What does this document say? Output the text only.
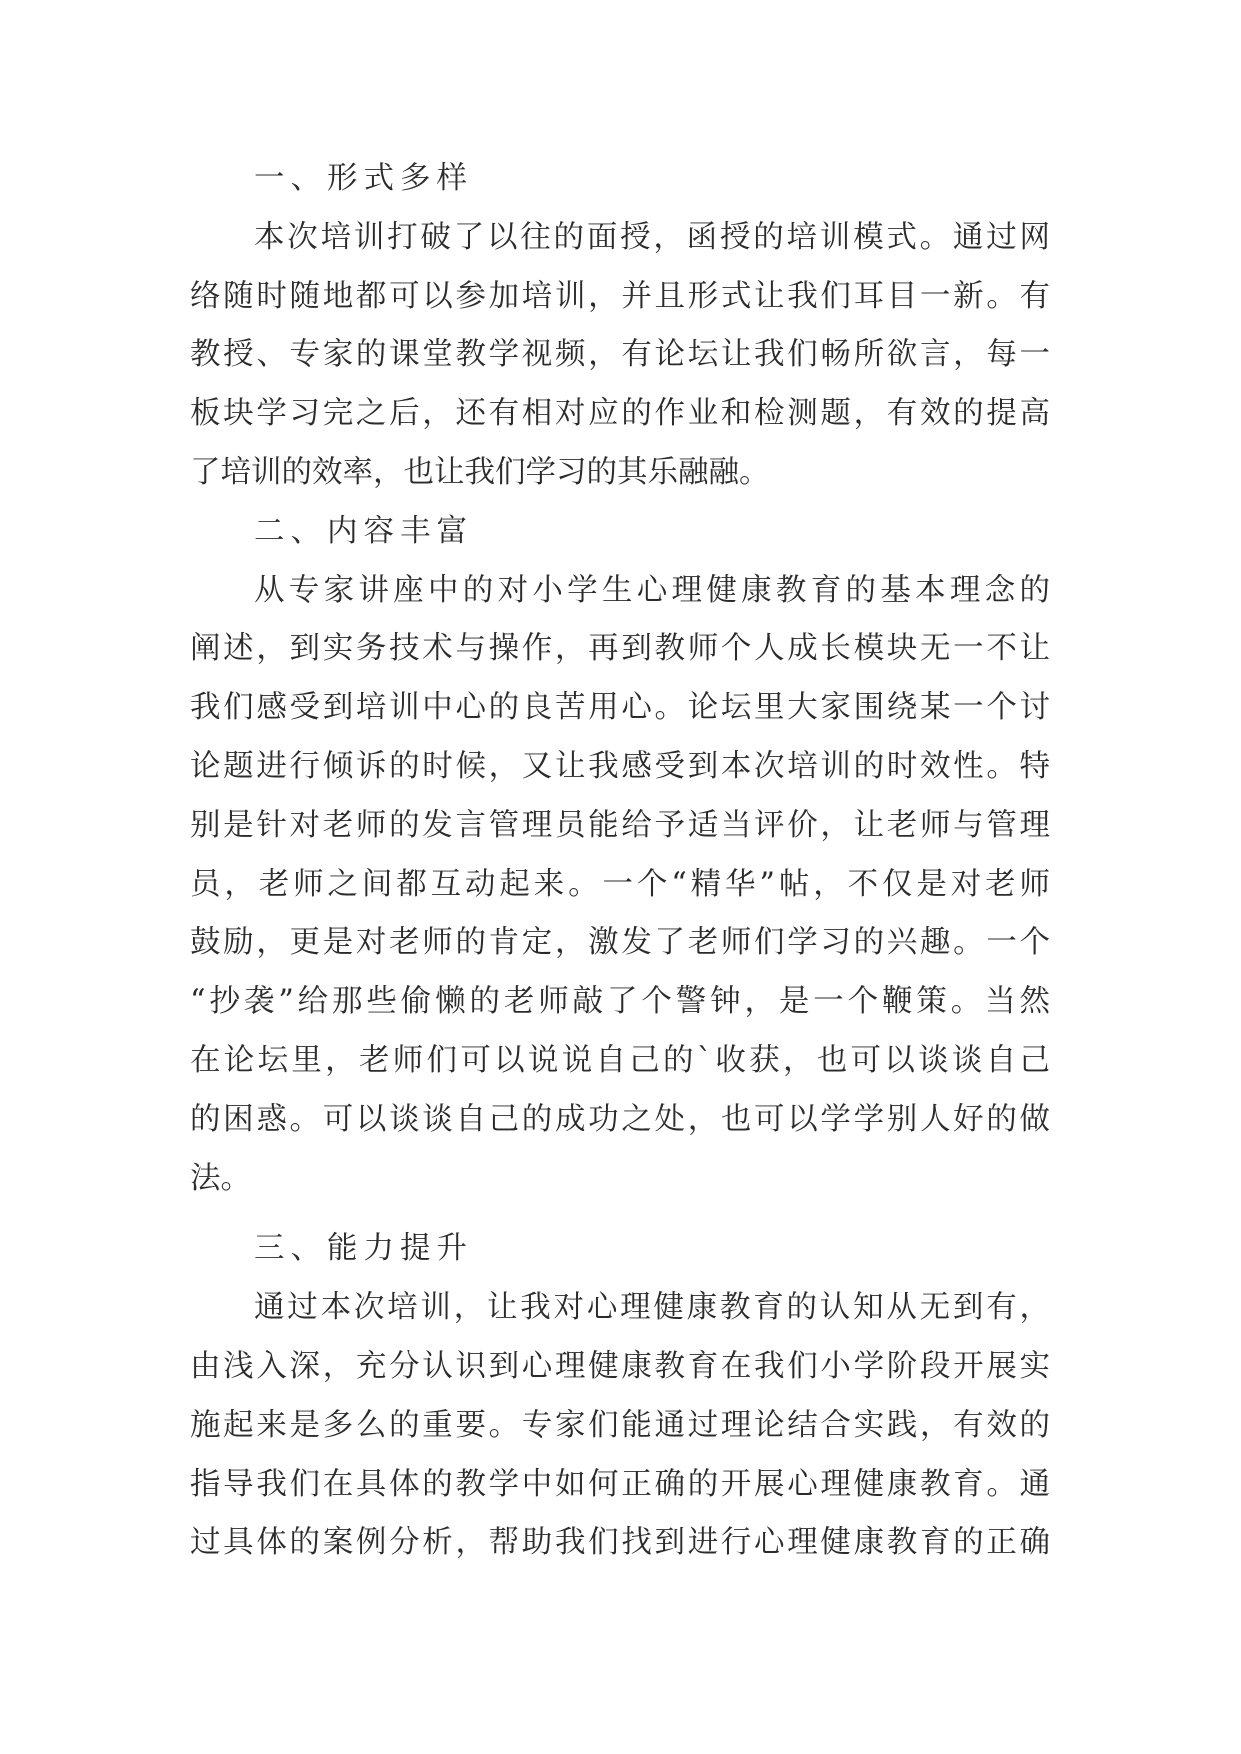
一、形式多样
本次培训打破了以往的面授，函授的培训模式。通过网
络随时随地都可以参加培训，并且形式让我们耳目一新。有
教授、专家的课堂教学视频，有论坛让我们畅所欲言，每一
板块学习完之后，还有相对应的作业和检测题，有效的提高
了培训的效率，也让我们学习的其乐融融。
二、内容丰富
从专家讲座中的对小学生心理健康教育的基本理念的
阐述，到实务技术与操作，再到教师个人成长模块无一不让
我们感受到培训中心的良苦用心。论坛里大家围绕某一个讨
论题进行倾诉的时候，又让我感受到本次培训的时效性。特
别是针对老师的发言管理员能给予适当评价，让老师与管理
员，老师之间都互动起来。一个“精华”帖，不仅是对老师
鼓励，更是对老师的肯定，激发了老师们学习的兴趣。一个
“抄袭”给那些偷懒的老师敲了个警钟，是一个鞭策。当然
在论坛里，老师们可以说说自己的`收获，也可以谈谈自己
的困惑。可以谈谈自己的成功之处，也可以学学别人好的做
法。
三、能力提升
通过本次培训，让我对心理健康教育的认知从无到有，
由浅入深，充分认识到心理健康教育在我们小学阶段开展实
施起来是多么的重要。专家们能通过理论结合实践，有效的
指导我们在具体的教学中如何正确的开展心理健康教育。通
过具体的案例分析，帮助我们找到进行心理健康教育的正确
